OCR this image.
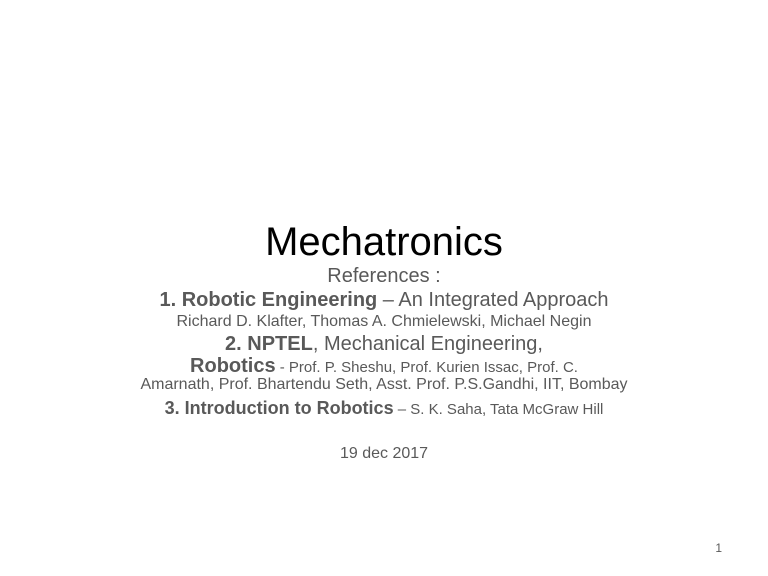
Mechatronics
References :
1. Robotic Engineering – An Integrated Approach
Richard D. Klafter, Thomas A. Chmielewski, Michael Negin
2. NPTEL, Mechanical Engineering,
Robotics - Prof. P. Sheshu, Prof. Kurien Issac, Prof. C.
Amarnath, Prof. Bhartendu Seth, Asst. Prof. P.S.Gandhi, IIT, Bombay
3. Introduction to Robotics – S. K. Saha, Tata McGraw Hill
19 dec 2017
1
